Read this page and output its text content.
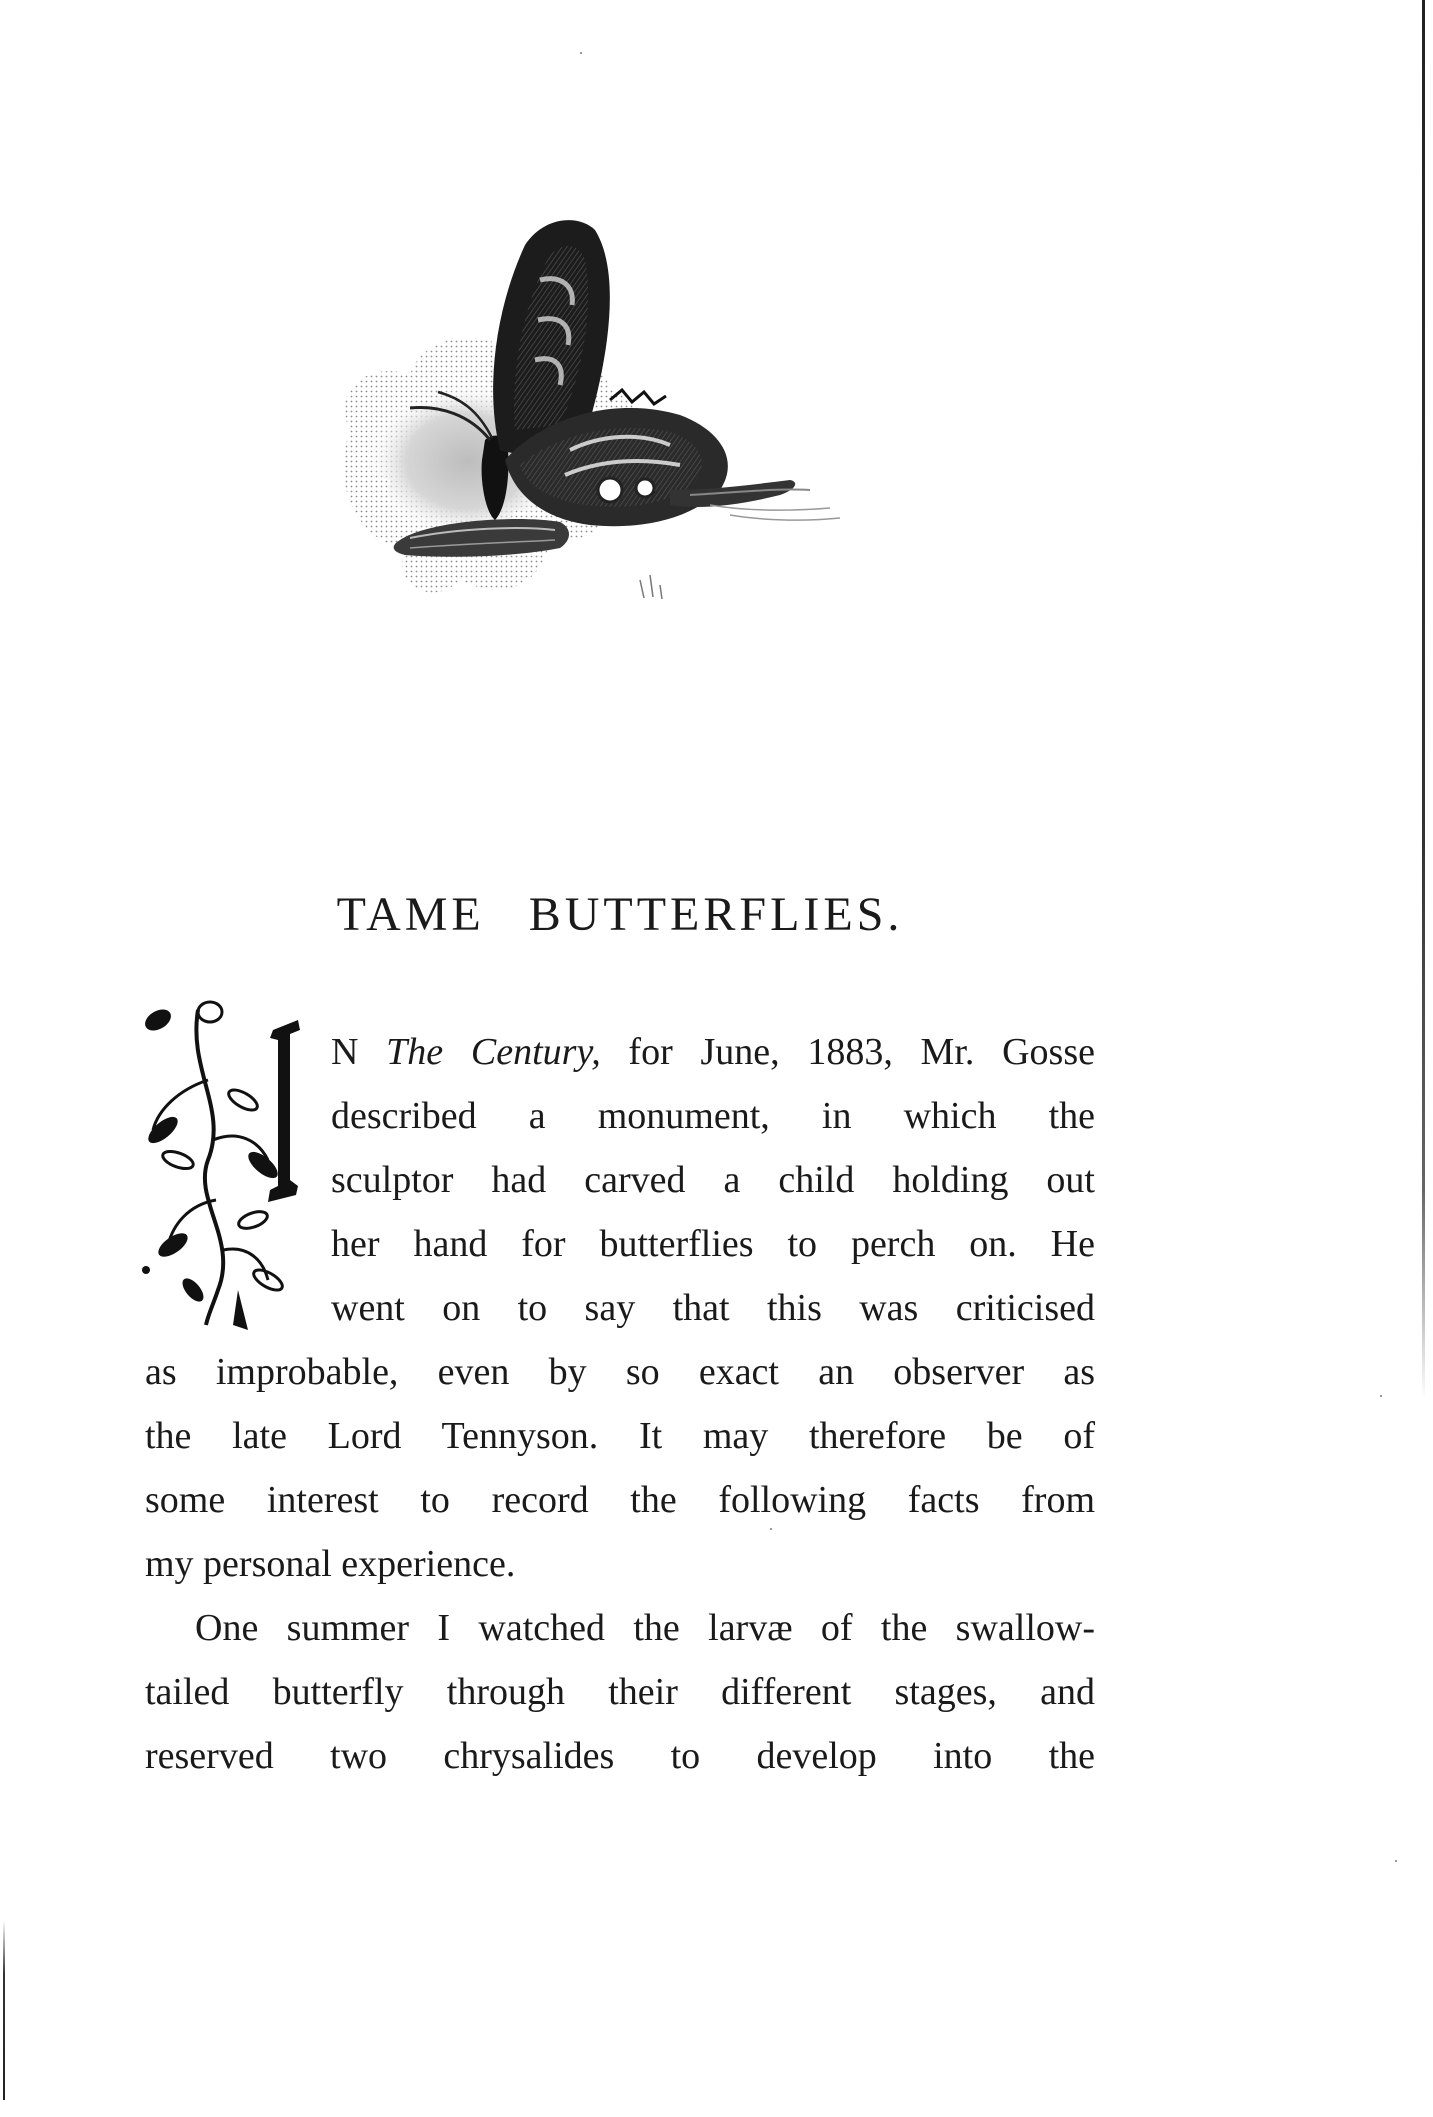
TAME BUTTERFLIES.
N The Century, for June, 1883, Mr. Gosse
described a monument, in which the
sculptor had carved a child holding out
her hand for butterflies to perch on. He
went on to say that this was criticised
as improbable, even by so exact an observer as
the late Lord Tennyson. It may therefore be of
some interest to record the following facts from
my personal experience.
One summer I watched the larvæ of the swallow-
tailed butterfly through their different stages, and
reserved two chrysalides to develop into the
